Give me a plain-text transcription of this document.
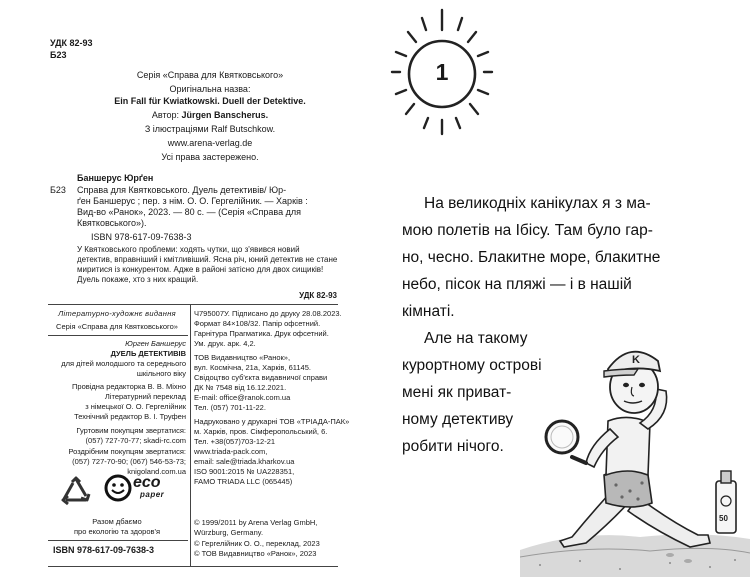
УДК 82-93
Б23
Серія «Справа для Квятковського»
Оригінальна назва:
Ein Fall für Kwiatkowski. Duell der Detektive.
Автор: Jürgen Banscherus.
З ілюстраціями Ralf Butschkow.
www.arena-verlag.de
Усі права застережено.
Баншерус Юрґен
Б23 Справа для Квятковського. Дуель детективів/ Юр-
ґен Баншерус ; пер. з нім. О. О. Гергелійник. — Харків :
Вид-во «Ранок», 2023. — 80 с. — (Серія «Справа для
Квятковського»).
ISBN 978-617-09-7638-3
У Квятковського проблеми: ходять чутки, що з'явився новий
детектив, вправніший і кмітливіший. Ясна річ, юний детектив не стане
миритися із конкурентом. Адже в районі затісно для двох сищиків!
Дуель покаже, хто з них кращий.
УДК 82-93
Літературно-художнє видання
Серія «Справа для Квятковського»
Юрген Баншерус
ДУЕЛЬ ДЕТЕКТИВІВ
для дітей молодшого та середнього
шкільного віку
Провідна редакторка В. В. Міхно
Літературний переклад
з німецької О. О. Гергелійник
Технічний редактор В. І. Труфен
Гуртовим покупцям звертатися:
(057) 727-70-77; skadi-rc.com
Роздрібним покупцям звертатися:
(057) 727-70-90; (067) 546-53-73;
knigoland.com.ua
eco
paper
Разом дбаємо
про екологію та здоров'я
ISBN 978-617-09-7638-3
Ч795007У. Підписано до друку 28.08.2023.
Формат 84×108/32. Папір офсетний.
Гарнітура Прагматика. Друк офсетний.
Ум. друк. арк. 4,2.
ТОВ Видавництво «Ранок»,
вул. Космічна, 21а, Харків, 61145.
Свідоцтво суб'єкта видавничої справи
ДК № 7548 від 16.12.2021.
E-mail: office@ranok.com.ua
Тел. (057) 701-11-22.
Надруковано у друкарні ТОВ «ТРІАДА-ПАК»
м. Харків, пров. Сімферопольський, 6.
Тел. +38(057)703-12-21
www.triada-pack.com,
email: sale@triada.kharkov.ua
ISO 9001:2015 № UA228351,
FAMO TRIADA LLC (065445)
© 1999/2011 by Arena Verlag GmbH,
Würzburg, Germany.
© Гергелійник О. О., переклад, 2023
© ТОВ Видавництво «Ранок», 2023
1
На великодніх канікулах я з ма-
мою полетів на Ібісу. Там було гар-
но, чесно. Блакитне море, блакитне
небо, пісок на пляжі — і в нашій
кімнаті.
Але на такому
курортному острові
мені як приват-
ному детективу
робити нічого.
K
50
